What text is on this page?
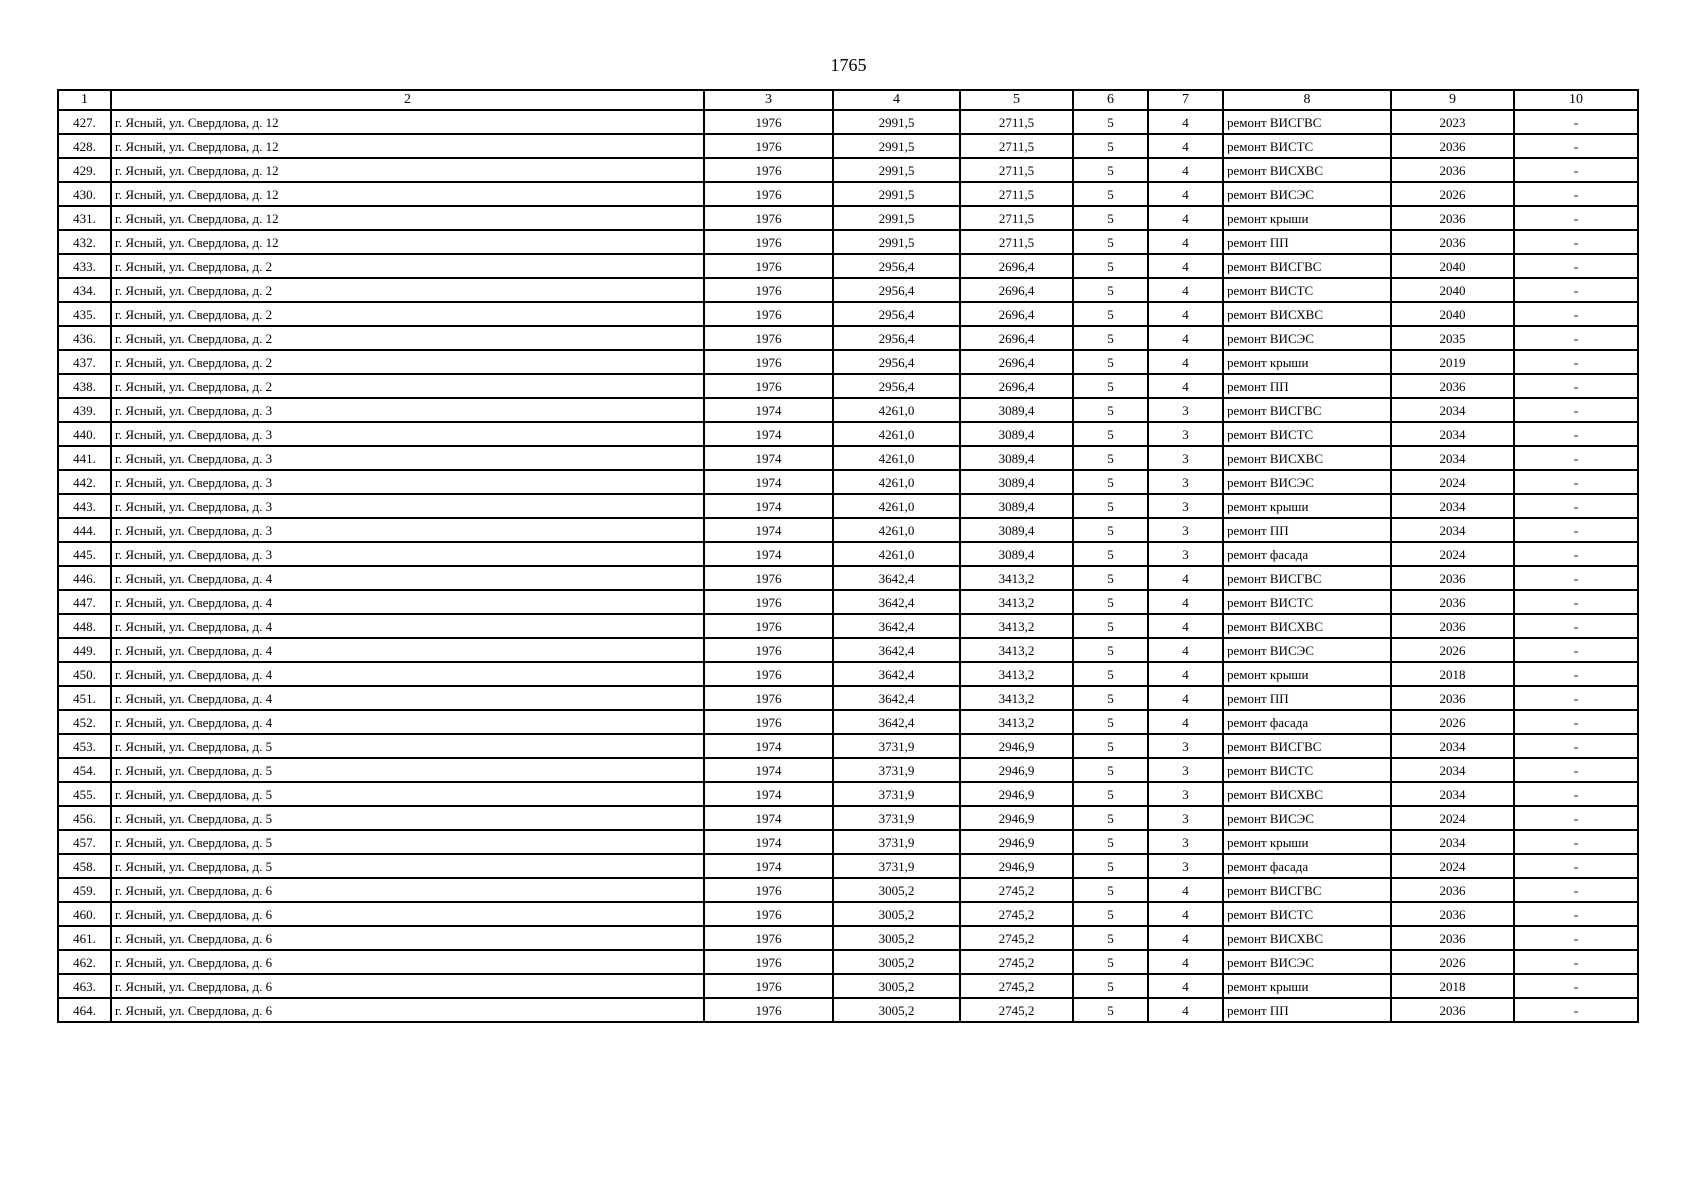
1765
1	2	3	4	5	6	7	8	9	10
427.	г. Ясный, ул. Свердлова, д. 12	1976	2991,5	2711,5	5	4	ремонт ВИСГВС	2023	-
428.	г. Ясный, ул. Свердлова, д. 12	1976	2991,5	2711,5	5	4	ремонт ВИСТС	2036	-
429.	г. Ясный, ул. Свердлова, д. 12	1976	2991,5	2711,5	5	4	ремонт ВИСХВС	2036	-
430.	г. Ясный, ул. Свердлова, д. 12	1976	2991,5	2711,5	5	4	ремонт ВИСЭС	2026	-
431.	г. Ясный, ул. Свердлова, д. 12	1976	2991,5	2711,5	5	4	ремонт крыши	2036	-
432.	г. Ясный, ул. Свердлова, д. 12	1976	2991,5	2711,5	5	4	ремонт ПП	2036	-
433.	г. Ясный, ул. Свердлова, д. 2	1976	2956,4	2696,4	5	4	ремонт ВИСГВС	2040	-
434.	г. Ясный, ул. Свердлова, д. 2	1976	2956,4	2696,4	5	4	ремонт ВИСТС	2040	-
435.	г. Ясный, ул. Свердлова, д. 2	1976	2956,4	2696,4	5	4	ремонт ВИСХВС	2040	-
436.	г. Ясный, ул. Свердлова, д. 2	1976	2956,4	2696,4	5	4	ремонт ВИСЭС	2035	-
437.	г. Ясный, ул. Свердлова, д. 2	1976	2956,4	2696,4	5	4	ремонт крыши	2019	-
438.	г. Ясный, ул. Свердлова, д. 2	1976	2956,4	2696,4	5	4	ремонт ПП	2036	-
439.	г. Ясный, ул. Свердлова, д. 3	1974	4261,0	3089,4	5	3	ремонт ВИСГВС	2034	-
440.	г. Ясный, ул. Свердлова, д. 3	1974	4261,0	3089,4	5	3	ремонт ВИСТС	2034	-
441.	г. Ясный, ул. Свердлова, д. 3	1974	4261,0	3089,4	5	3	ремонт ВИСХВС	2034	-
442.	г. Ясный, ул. Свердлова, д. 3	1974	4261,0	3089,4	5	3	ремонт ВИСЭС	2024	-
443.	г. Ясный, ул. Свердлова, д. 3	1974	4261,0	3089,4	5	3	ремонт крыши	2034	-
444.	г. Ясный, ул. Свердлова, д. 3	1974	4261,0	3089,4	5	3	ремонт ПП	2034	-
445.	г. Ясный, ул. Свердлова, д. 3	1974	4261,0	3089,4	5	3	ремонт фасада	2024	-
446.	г. Ясный, ул. Свердлова, д. 4	1976	3642,4	3413,2	5	4	ремонт ВИСГВС	2036	-
447.	г. Ясный, ул. Свердлова, д. 4	1976	3642,4	3413,2	5	4	ремонт ВИСТС	2036	-
448.	г. Ясный, ул. Свердлова, д. 4	1976	3642,4	3413,2	5	4	ремонт ВИСХВС	2036	-
449.	г. Ясный, ул. Свердлова, д. 4	1976	3642,4	3413,2	5	4	ремонт ВИСЭС	2026	-
450.	г. Ясный, ул. Свердлова, д. 4	1976	3642,4	3413,2	5	4	ремонт крыши	2018	-
451.	г. Ясный, ул. Свердлова, д. 4	1976	3642,4	3413,2	5	4	ремонт ПП	2036	-
452.	г. Ясный, ул. Свердлова, д. 4	1976	3642,4	3413,2	5	4	ремонт фасада	2026	-
453.	г. Ясный, ул. Свердлова, д. 5	1974	3731,9	2946,9	5	3	ремонт ВИСГВС	2034	-
454.	г. Ясный, ул. Свердлова, д. 5	1974	3731,9	2946,9	5	3	ремонт ВИСТС	2034	-
455.	г. Ясный, ул. Свердлова, д. 5	1974	3731,9	2946,9	5	3	ремонт ВИСХВС	2034	-
456.	г. Ясный, ул. Свердлова, д. 5	1974	3731,9	2946,9	5	3	ремонт ВИСЭС	2024	-
457.	г. Ясный, ул. Свердлова, д. 5	1974	3731,9	2946,9	5	3	ремонт крыши	2034	-
458.	г. Ясный, ул. Свердлова, д. 5	1974	3731,9	2946,9	5	3	ремонт фасада	2024	-
459.	г. Ясный, ул. Свердлова, д. 6	1976	3005,2	2745,2	5	4	ремонт ВИСГВС	2036	-
460.	г. Ясный, ул. Свердлова, д. 6	1976	3005,2	2745,2	5	4	ремонт ВИСТС	2036	-
461.	г. Ясный, ул. Свердлова, д. 6	1976	3005,2	2745,2	5	4	ремонт ВИСХВС	2036	-
462.	г. Ясный, ул. Свердлова, д. 6	1976	3005,2	2745,2	5	4	ремонт ВИСЭС	2026	-
463.	г. Ясный, ул. Свердлова, д. 6	1976	3005,2	2745,2	5	4	ремонт крыши	2018	-
464.	г. Ясный, ул. Свердлова, д. 6	1976	3005,2	2745,2	5	4	ремонт ПП	2036	-
